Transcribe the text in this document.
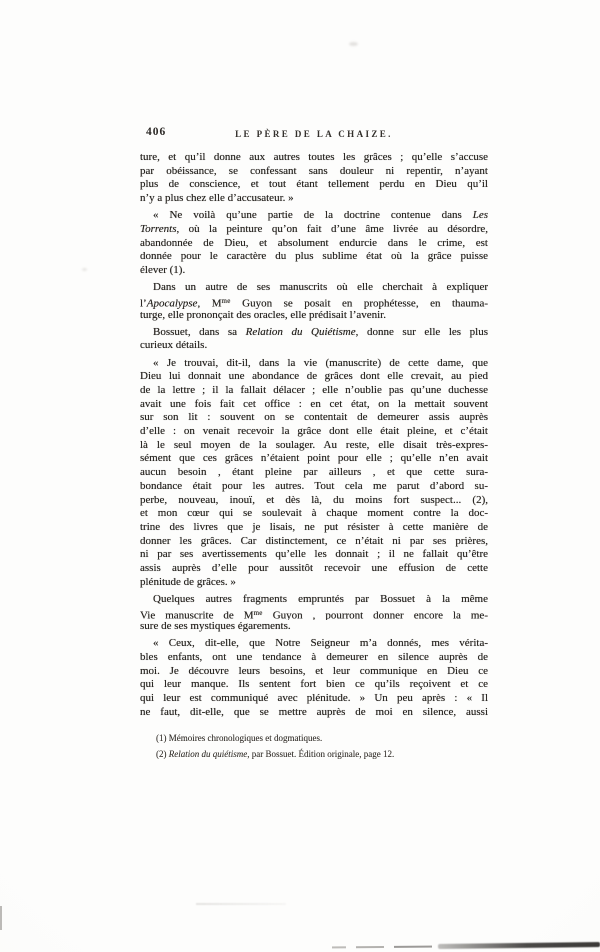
406	LE PÈRE DE LA CHAIZE.
ture, et qu’il donne aux autres toutes les grâces ; qu’elle s’accuse
par obéissance, se confessant sans douleur ni repentir, n’ayant
plus de conscience, et tout étant tellement perdu en Dieu qu’il
n’y a plus chez elle d’accusateur. »
« Ne voilà qu’une partie de la doctrine contenue dans Les
Torrents, où la peinture qu’on fait d’une âme livrée au désordre,
abandonnée de Dieu, et absolument endurcie dans le crime, est
donnée pour le caractère du plus sublime état où la grâce puisse
élever (1).
Dans un autre de ses manuscrits où elle cherchait à expliquer
l’Apocalypse, $M^{me}$ Guyon se posait en prophétesse, en thauma-
turge, elle prononçait des oracles, elle prédisait l’avenir.
Bossuet, dans sa Relation du Quiétisme, donne sur elle les plus
curieux détails.
« Je trouvai, dit-il, dans la vie (manuscrite) de cette dame, que
Dieu lui donnait une abondance de grâces dont elle crevait, au pied
de la lettre ; il la fallait délacer ; elle n’oublie pas qu’une duchesse
avait une fois fait cet office : en cet état, on la mettait souvent
sur son lit : souvent on se contentait de demeurer assis auprès
d’elle : on venait recevoir la grâce dont elle était pleine, et c’était
là le seul moyen de la soulager. Au reste, elle disait très-expres-
sément que ces grâces n’étaient point pour elle ; qu’elle n’en avait
aucun besoin , étant pleine par ailleurs , et que cette sura-
bondance était pour les autres. Tout cela me parut d’abord su-
perbe, nouveau, inouï, et dès là, du moins fort suspect... (2),
et mon cœur qui se soulevait à chaque moment contre la doc-
trine des livres que je lisais, ne put résister à cette manière de
donner les grâces. Car distinctement, ce n’était ni par ses prières,
ni par ses avertissements qu’elle les donnait ; il ne fallait qu’être
assis auprès d’elle pour aussitôt recevoir une effusion de cette
plénitude de grâces. »
Quelques autres fragments empruntés par Bossuet à la même
Vie manuscrite de $M^{me}$ Guyon , pourront donner encore la me-
sure de ses mystiques égarements.
« Ceux, dit-elle, que Notre Seigneur m’a donnés, mes vérita-
bles enfants, ont une tendance à demeurer en silence auprès de
moi. Je découvre leurs besoins, et leur communique en Dieu ce
qui leur manque. Ils sentent fort bien ce qu’ils reçoivent et ce
qui leur est communiqué avec plénitude. » Un peu après : « Il
ne faut, dit-elle, que se mettre auprès de moi en silence, aussi
(1) Mémoires chronologiques et dogmatiques.
(2) Relation du quiétisme, par Bossuet. Édition originale, page 12.
